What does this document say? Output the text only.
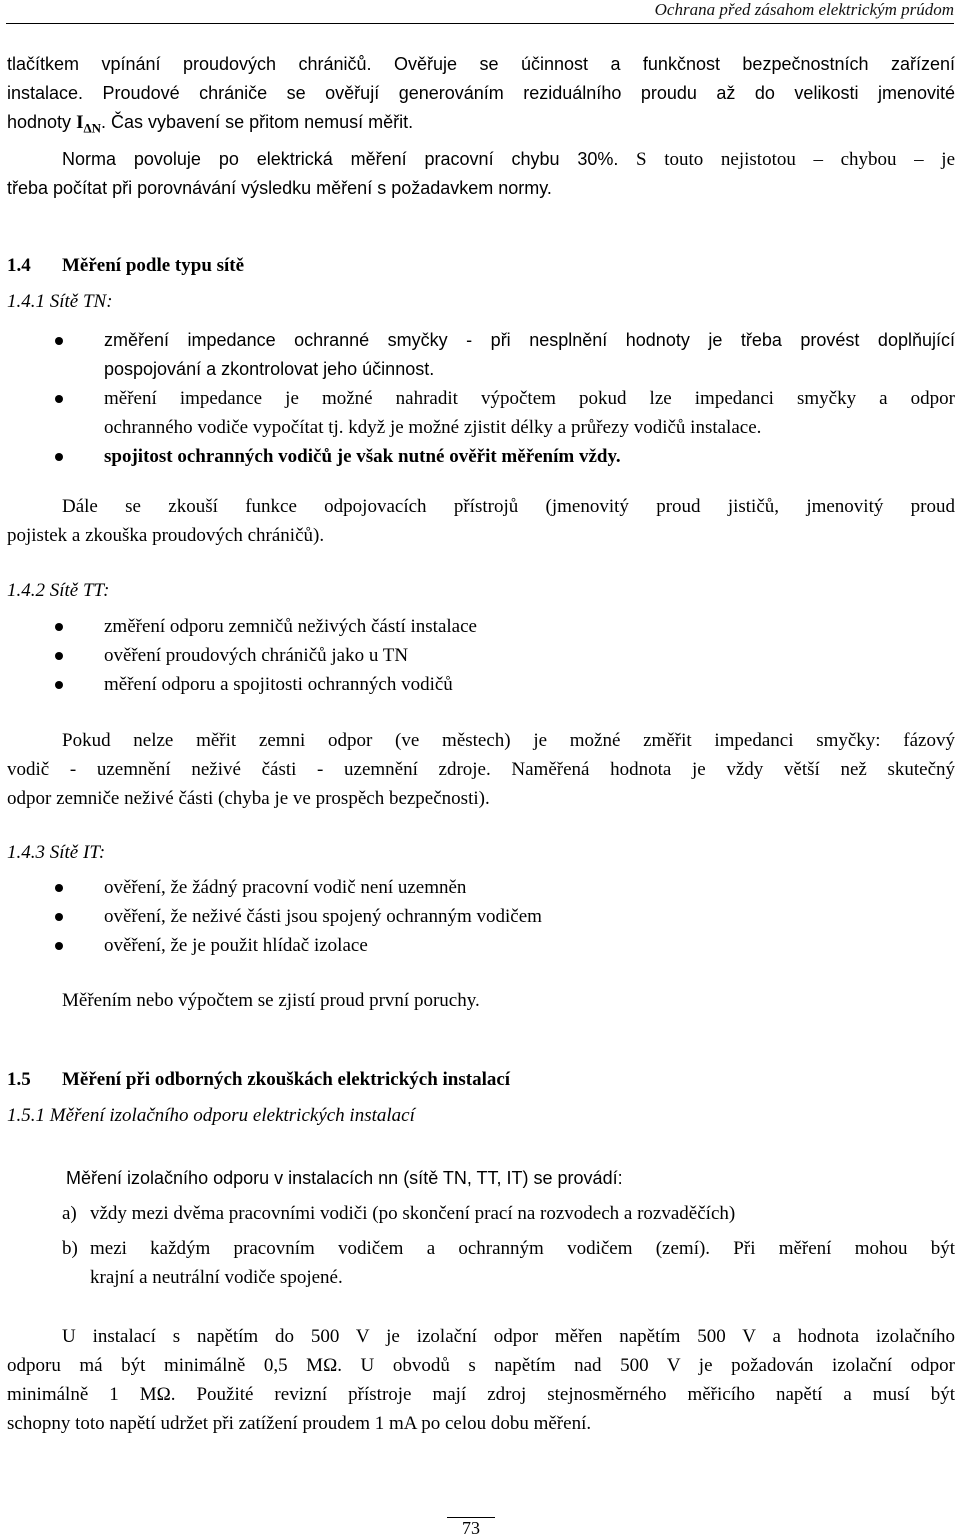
Ochrana před zásahom elektrickým prúdom
tlačítkem vpínání proudových chráničů. Ověřuje se účinnost a funkčnost bezpečnostních zařízení
instalace. Proudové chrániče se ověřují generováním reziduálního proudu až do velikosti jmenovité
hodnoty $I_{\Delta N}$. Čas vybavení se přitom nemusí měřit.
Norma povoluje po elektrická měření pracovní chybu 30%. S touto nejistotou – chybou – je
třeba počítat při porovnávání výsledku měření s požadavkem normy.
1.4 Měření podle typu sítě
1.4.1 Sítě TN:
změření impedance ochranné smyčky - při nesplnění hodnoty je třeba provést doplňující
pospojování a zkontrolovat jeho účinnost.
měření impedance je možné nahradit výpočtem pokud lze impedanci smyčky a odpor
ochranného vodiče vypočítat tj. když je možné zjistit délky a průřezy vodičů instalace.
spojitost ochranných vodičů je však nutné ověřit měřením vždy.
Dále se zkouší funkce odpojovacích přístrojů (jmenovitý proud jističů, jmenovitý proud
pojistek a zkouška proudových chráničů).
1.4.2 Sítě TT:
změření odporu zemničů neživých částí instalace
ověření proudových chráničů jako u TN
měření odporu a spojitosti ochranných vodičů
Pokud nelze měřit zemni odpor (ve městech) je možné změřit impedanci smyčky: fázový
vodič - uzemnění neživé části - uzemnění zdroje. Naměřená hodnota je vždy větší než skutečný
odpor zemniče neživé části (chyba je ve prospěch bezpečnosti).
1.4.3 Sítě IT:
ověření, že žádný pracovní vodič není uzemněn
ověření, že neživé části jsou spojený ochranným vodičem
ověření, že je použit hlídač izolace
Měřením nebo výpočtem se zjistí proud první poruchy.
1.5 Měření při odborných zkouškách elektrických instalací
1.5.1 Měření izolačního odporu elektrických instalací
Měření izolačního odporu v instalacích nn (sítě TN, TT, IT) se provádí:
a) vždy mezi dvěma pracovními vodiči (po skončení prací na rozvodech a rozvaděčích)
b) mezi každým pracovním vodičem a ochranným vodičem (zemí). Při měření mohou být
krajní a neutrální vodiče spojené.
U instalací s napětím do 500 V je izolační odpor měřen napětím 500 V a hodnota izolačního
odporu má být minimálně 0,5 MΩ. U obvodů s napětím nad 500 V je požadován izolační odpor
minimálně 1 MΩ. Použité revizní přístroje mají zdroj stejnosměrného měřicího napětí a musí být
schopny toto napětí udržet při zatížení proudem 1 mA po celou dobu měření.
73
